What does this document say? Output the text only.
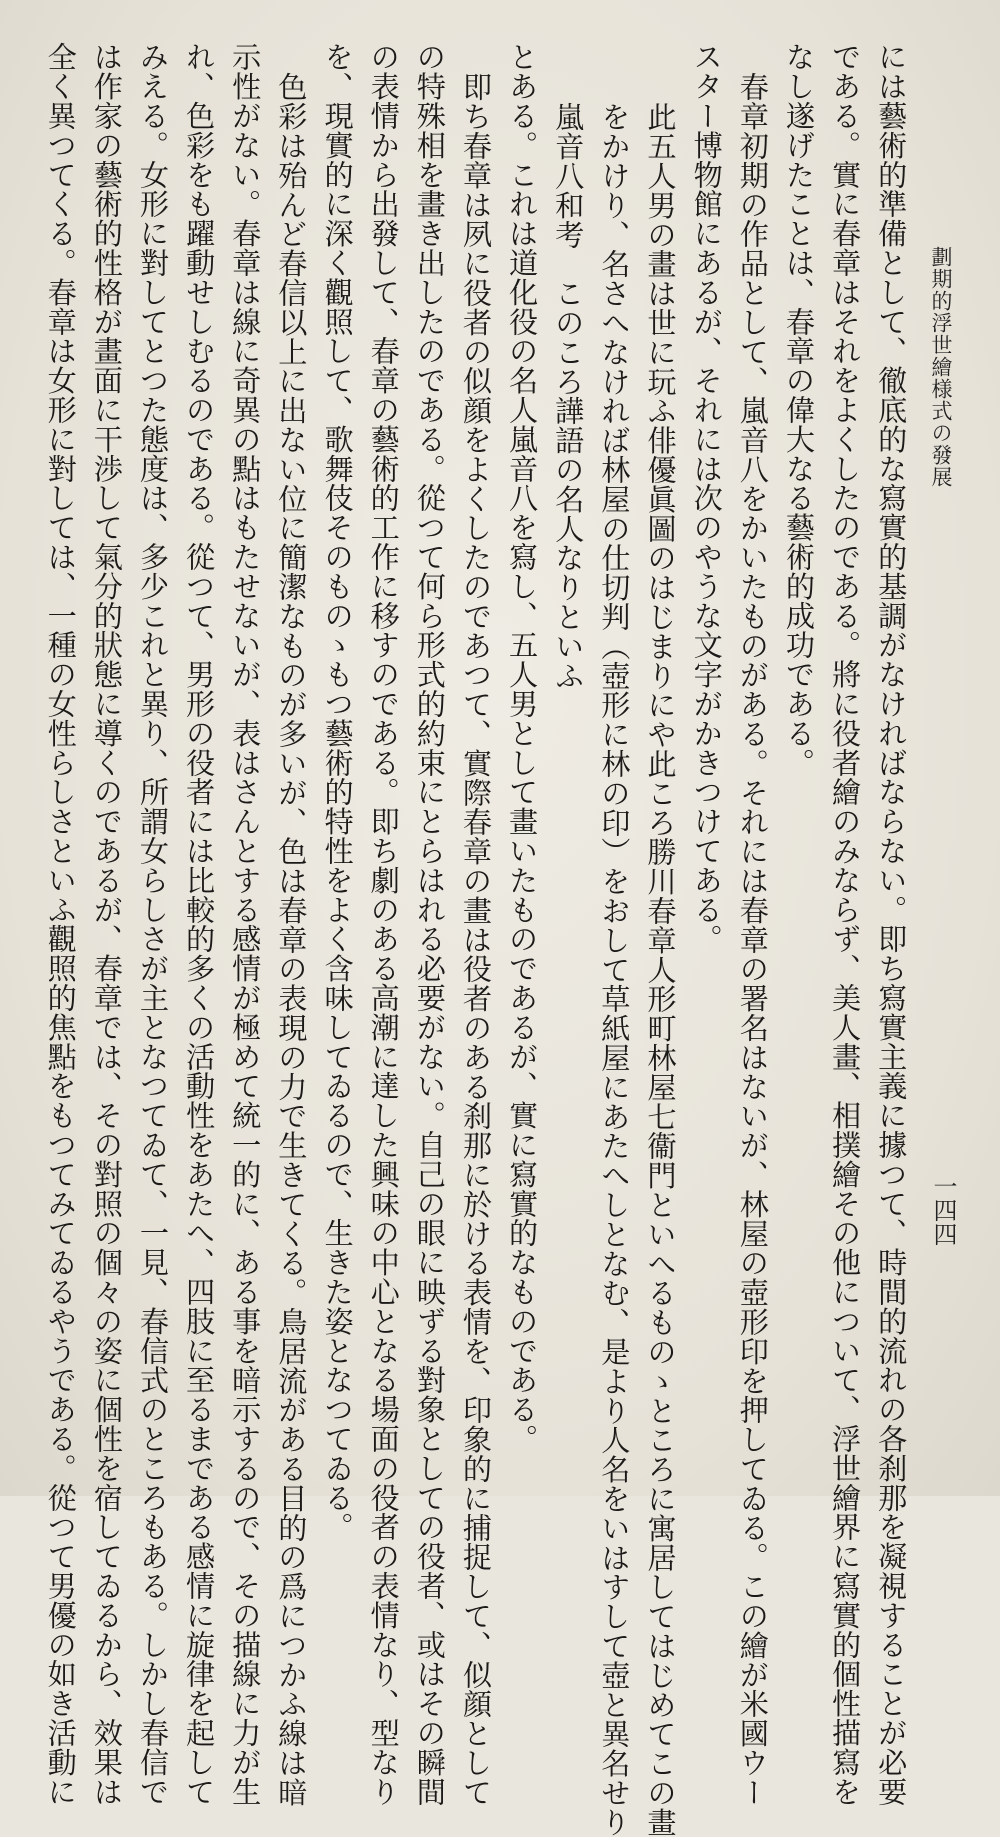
劃期的浮世繪様式の發展
一四四
には藝術的準備として、徹底的な寫實的基調がなければならない。即ち寫實主義に據つて、時間的流れの各刹那を凝視することが必要
である。實に春章はそれをよくしたのである。將に役者繪のみならず、美人畫、相撲繪その他について、浮世繪界に寫實的個性描寫を
なし遂げたことは、春章の偉大なる藝術的成功である。
春章初期の作品として、嵐音八をかいたものがある。それには春章の署名はないが、林屋の壺形印を押してゐる。この繪が米國ウー
スター博物館にあるが、それには次のやうな文字がかきつけてある。
此五人男の畫は世に玩ふ俳優眞圖のはじまりにや此ころ勝川春章人形町林屋七衞門といへるものゝところに寓居してはじめてこの畫
をかけり、名さへなければ林屋の仕切判（壺形に林の印）をおして草紙屋にあたへしとなむ、是より人名をいはすして壺と異名せり
嵐音八和考　このころ譁語の名人なりといふ
とある。これは道化役の名人嵐音八を寫し、五人男として畫いたものであるが、實に寫實的なものである。
即ち春章は夙に役者の似顔をよくしたのであつて、實際春章の畫は役者のある刹那に於ける表情を、印象的に捕捉して、似顔として
の特殊相を畫き出したのである。從つて何ら形式的約束にとらはれる必要がない。自己の眼に映ずる對象としての役者、或はその瞬間
の表情から出發して、春章の藝術的工作に移すのである。即ち劇のある高潮に達した興味の中心となる場面の役者の表情なり、型なり
を、現實的に深く觀照して、歌舞伎そのものゝもつ藝術的特性をよく含味してゐるので、生きた姿となつてゐる。
色彩は殆んど春信以上に出ない位に簡潔なものが多いが、色は春章の表現の力で生きてくる。鳥居流がある目的の爲につかふ線は暗
示性がない。春章は線に奇異の點はもたせないが、表はさんとする感情が極めて統一的に、ある事を暗示するので、その描線に力が生
れ、色彩をも躍動せしむるのである。從つて、男形の役者には比較的多くの活動性をあたへ、四肢に至るまである感情に旋律を起して
みえる。女形に對してとつた態度は、多少これと異り、所謂女らしさが主となつてゐて、一見、春信式のところもある。しかし春信で
は作家の藝術的性格が畫面に干渉して氣分的狀態に導くのであるが、春章では、その對照の個々の姿に個性を宿してゐるから、效果は
全く異つてくる。春章は女形に對しては、一種の女性らしさといふ觀照的焦點をもつてみてゐるやうである。從つて男優の如き活動に
